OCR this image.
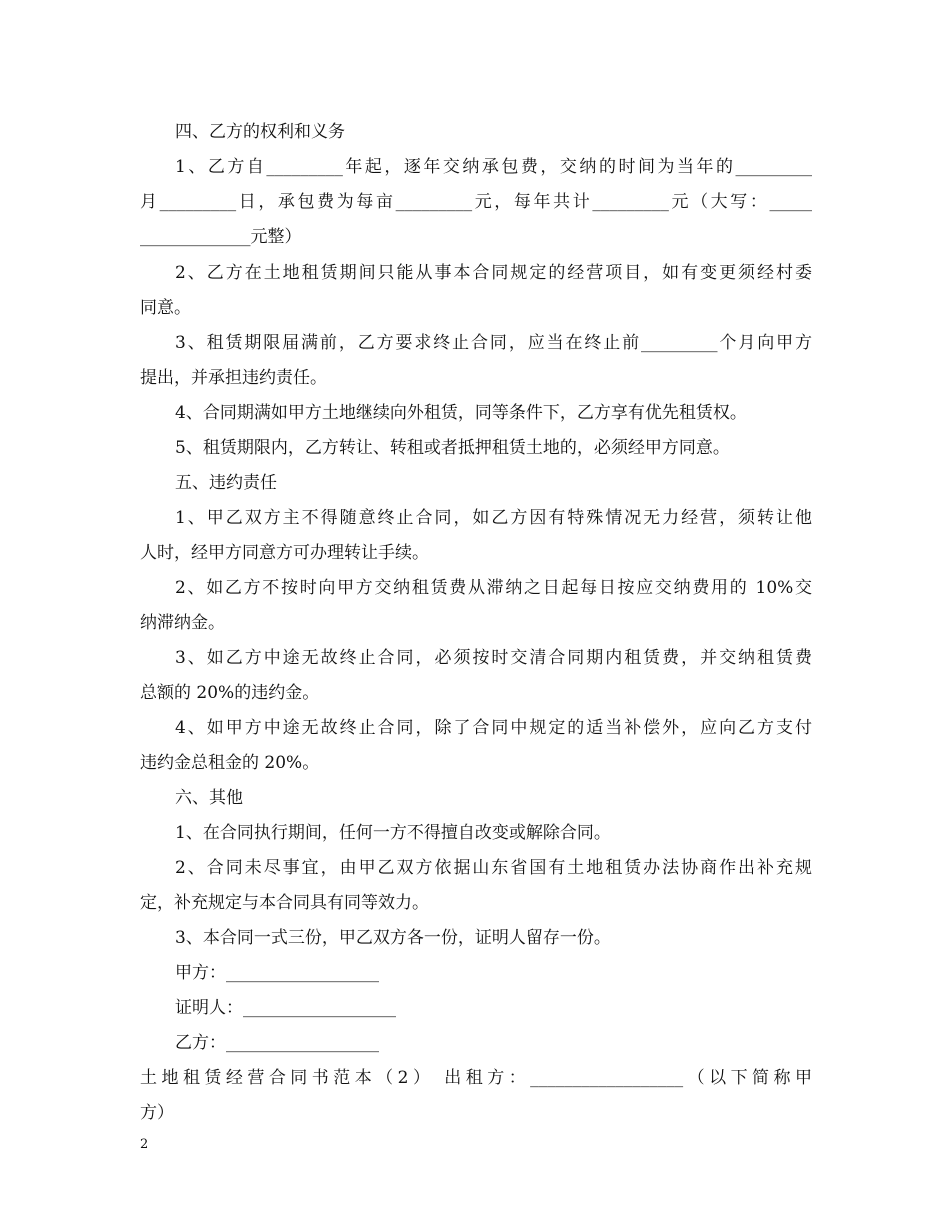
四、乙方的权利和义务
1、乙方自_________年起，逐年交纳承包费，交纳的时间为当年的_________
月_________日，承包费为每亩_________元，每年共计_________元（大写：_____
_____________元整）
2、乙方在土地租赁期间只能从事本合同规定的经营项目，如有变更须经村委
同意。
3、租赁期限届满前，乙方要求终止合同，应当在终止前_________个月向甲方
提出，并承担违约责任。
4、合同期满如甲方土地继续向外租赁，同等条件下，乙方享有优先租赁权。
5、租赁期限内，乙方转让、转租或者抵押租赁土地的，必须经甲方同意。
五、违约责任
1、甲乙双方主不得随意终止合同，如乙方因有特殊情况无力经营，须转让他
人时，经甲方同意方可办理转让手续。
2、如乙方不按时向甲方交纳租赁费从滞纳之日起每日按应交纳费用的 10%交
纳滞纳金。
3、如乙方中途无故终止合同，必须按时交清合同期内租赁费，并交纳租赁费
总额的 20%的违约金。
4、如甲方中途无故终止合同，除了合同中规定的适当补偿外，应向乙方支付
违约金总租金的 20%。
六、其他
1、在合同执行期间，任何一方不得擅自改变或解除合同。
2、合同未尽事宜，由甲乙双方依据山东省国有土地租赁办法协商作出补充规
定，补充规定与本合同具有同等效力。
3、本合同一式三份，甲乙双方各一份，证明人留存一份。
甲方：__________________
证明人：__________________
乙方：__________________
土地租赁经营合同书范本（2） 出租方：__________________（以下简称甲
方）
2
